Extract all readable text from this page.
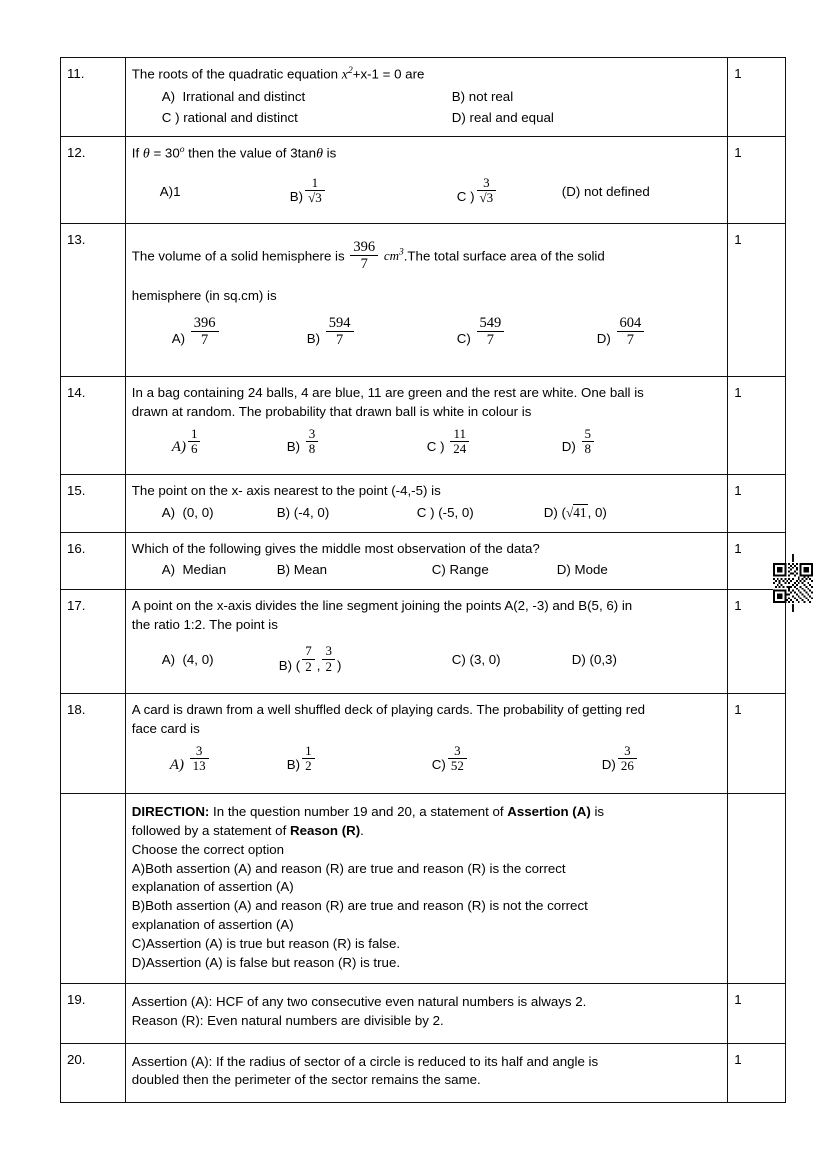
11.	The roots of the quadratic equation $x^2+x-1 = 0$ are
A) Irrational and distinct B) not real
C ) rational and distinct D) real and equal	1
12.	If $\theta = 30^o$ then the value of 3tanθ is
A)1	$B) \frac{1}{√3}$	C ) $\frac{3}{√3}$	(D) not defined
	1
13.	
The volume of a solid hemisphere is $\frac{396}{7} cm^3.The$ total surface area of the solid
hemisphere (in sq.cm) is
$A) \frac{396}{7}$	$B) \frac{594}{7}$	$C) \frac{549}{7}$	$D) \frac{604}{7}$
	1
14.	In a bag containing 24 balls, 4 are blue, 11 are green and the rest are white. One ball is
drawn at random. The probability that drawn ball is white in colour is
$A) \frac{1}{6}$	$B) \frac{3}{8}$	C ) $\frac{11}{24}$	$D) \frac{5}{8}$
	1
15.	The point on the x- axis nearest to the point (-4,-5) is
A) (0, 0) B) (-4, 0) C ) (-5, 0) D) (√41, 0)	1
16.	Which of the following gives the middle most observation of the data?
A) Median B) Mean C) Range D) Mode	1
17.	A point on the x-axis divides the line segment joining the points A(2, -3) and B(5, 6) in
the ratio 1:2. The point is
A) (4, 0)	B) ( $\frac{7}{2}$ , $\frac{3}{2}$ )	C) (3, 0)	D) (0,3)
	1
18.	A card is drawn from a well shuffled deck of playing cards. The probability of getting red
face card is
$A) \frac{3}{13}$	$B) \frac{1}{2}$	$C) \frac{3}{52}$	$D) \frac{3}{26}$
	1

DIRECTION: In the question number 19 and 20, a statement of Assertion (A) is
followed by a statement of Reason (R).
Choose the correct option
A)Both assertion (A) and reason (R) are true and reason (R) is the correct
explanation of assertion (A)
B)Both assertion (A) and reason (R) are true and reason (R) is not the correct
explanation of assertion (A)
C)Assertion (A) is true but reason (R) is false.
D)Assertion (A) is false but reason (R) is true.

19.	Assertion (A): HCF of any two consecutive even natural numbers is always 2.
Reason (R): Even natural numbers are divisible by 2.	1
20.	Assertion (A): If the radius of sector of a circle is reduced to its half and angle is
doubled then the perimeter of the sector remains the same.	1
